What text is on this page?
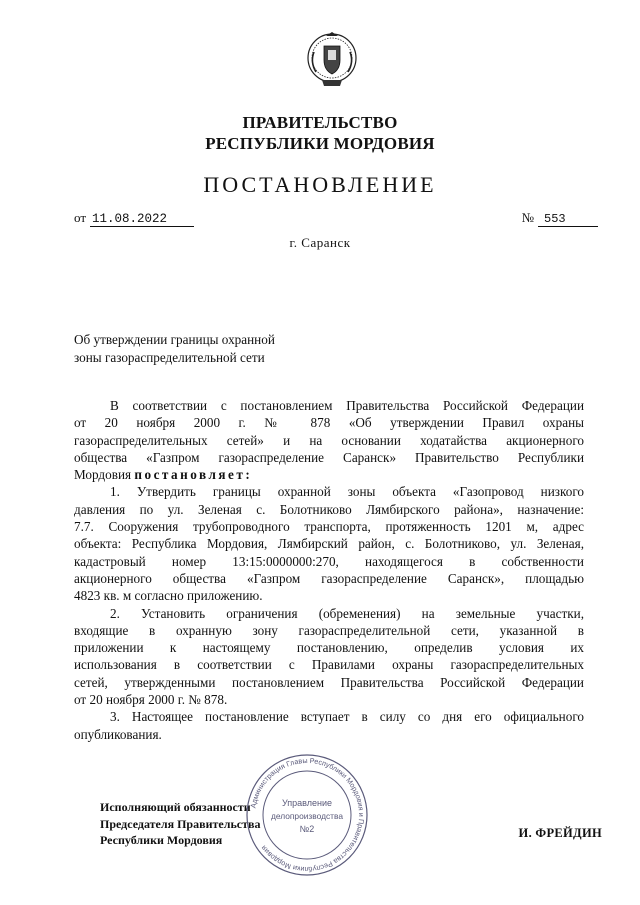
ПРАВИТЕЛЬСТВО
РЕСПУБЛИКИ МОРДОВИЯ
ПОСТАНОВЛЕНИЕ
от 11.08.2022	№ 553
г. Саранск
Об утверждении границы охранной
зоны газораспределительной сети
В соответствии с постановлением Правительства Российской Федерации
от 20 ноября 2000 г. № 878 «Об утверждении Правил охраны
газораспределительных сетей» и на основании ходатайства акционерного
общества «Газпром газораспределение Саранск» Правительство Республики
Мордовия постановляет:
1. Утвердить границы охранной зоны объекта «Газопровод низкого
давления по ул. Зеленая с. Болотниково Лямбирского района», назначение:
7.7. Сооружения трубопроводного транспорта, протяженность 1201 м, адрес
объекта: Республика Мордовия, Лямбирский район, с. Болотниково, ул. Зеленая,
кадастровый номер 13:15:0000000:270, находящегося в собственности
акционерного общества «Газпром газораспределение Саранск», площадью
4823 кв. м согласно приложению.
2. Установить ограничения (обременения) на земельные участки,
входящие в охранную зону газораспределительной сети, указанной в
приложении к настоящему постановлению, определив условия их
использования в соответствии с Правилами охраны газораспределительных
сетей, утвержденными постановлением Правительства Российской Федерации
от 20 ноября 2000 г. № 878.
3. Настоящее постановление вступает в силу со дня его официального
опубликования.
Исполняющий обязанности
Председателя Правительства
Республики Мордовия	И. ФРЕЙДИН
Администрация Главы Республики Мордовия и Правительства Республики Мордовия
Управление
делопроизводства
№2
